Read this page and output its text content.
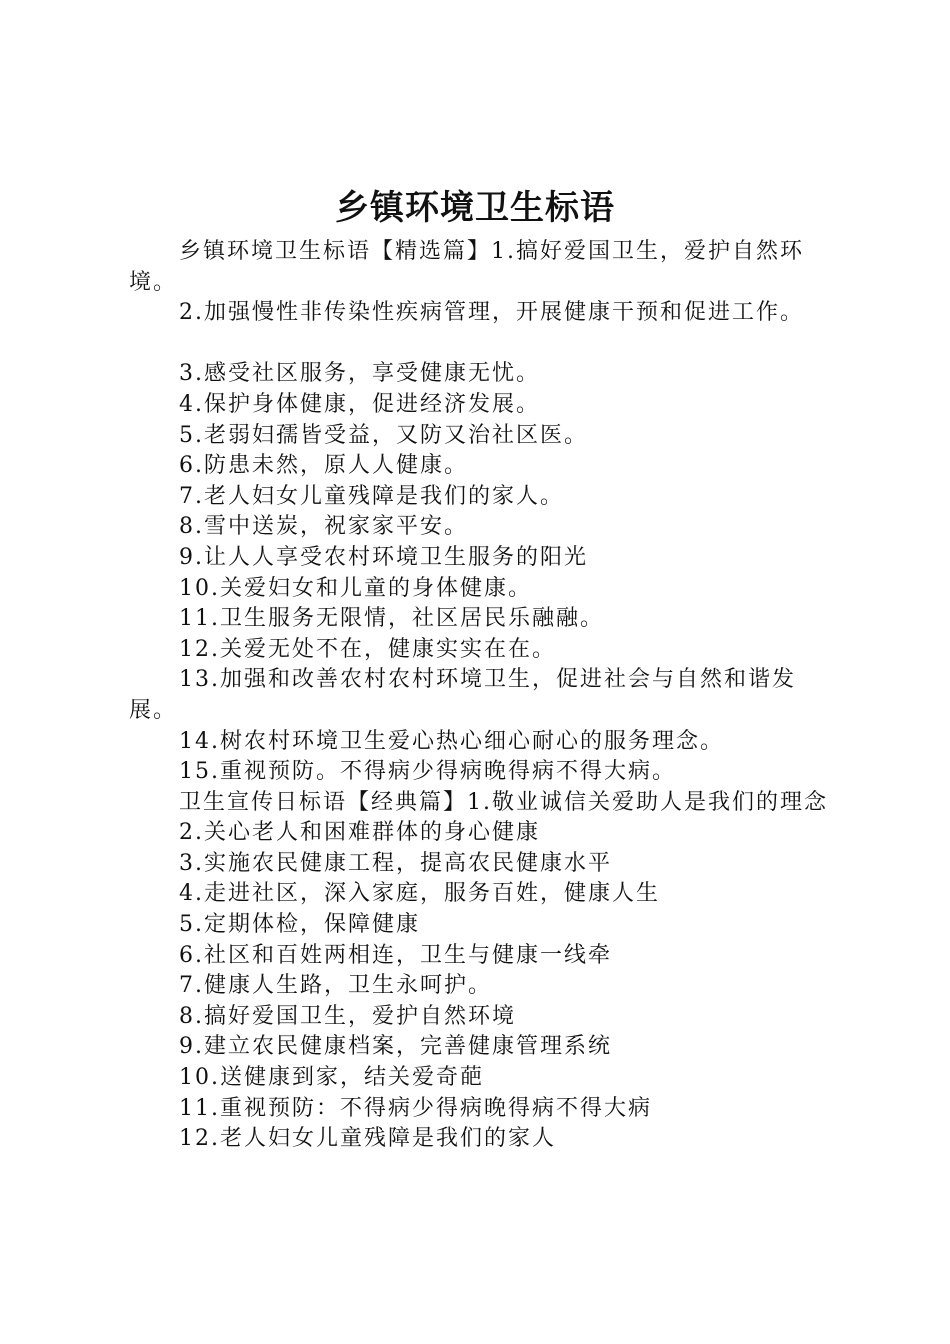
乡镇环境卫生标语

乡镇环境卫生标语【精选篇】1.搞好爱国卫生，爱护自然环境。

2.加强慢性非传染性疾病管理，开展健康干预和促进工作。

3.感受社区服务，享受健康无忧。

4.保护身体健康，促进经济发展。

5.老弱妇孺皆受益，又防又治社区医。

6.防患未然，原人人健康。

7.老人妇女儿童残障是我们的家人。

8.雪中送炭，祝家家平安。

9.让人人享受农村环境卫生服务的阳光

10.关爱妇女和儿童的身体健康。

11.卫生服务无限情，社区居民乐融融。

12.关爱无处不在，健康实实在在。

13.加强和改善农村农村环境卫生，促进社会与自然和谐发展。

14.树农村环境卫生爱心热心细心耐心的服务理念。

15.重视预防。不得病少得病晚得病不得大病。

卫生宣传日标语【经典篇】1.敬业诚信关爱助人是我们的理念

2.关心老人和困难群体的身心健康

3.实施农民健康工程，提高农民健康水平

4.走进社区，深入家庭，服务百姓，健康人生

5.定期体检，保障健康

6.社区和百姓两相连，卫生与健康一线牵

7.健康人生路，卫生永呵护。

8.搞好爱国卫生，爱护自然环境

9.建立农民健康档案，完善健康管理系统

10.送健康到家，结关爱奇葩

11.重视预防：不得病少得病晚得病不得大病

12.老人妇女儿童残障是我们的家人
